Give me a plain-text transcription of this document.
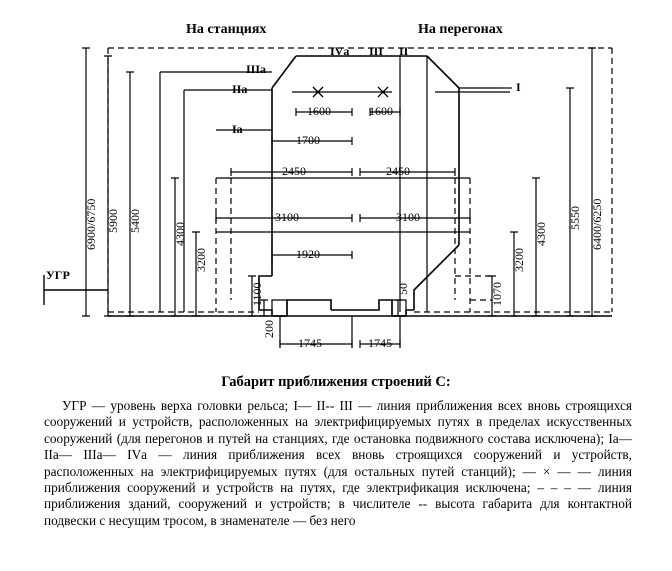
На станциях	На перегонах
IVа III II
IIIа
IIа	I
Iа
УГР
1600	1600
1700
2450	2450
3100	3100
1920
1745	1745
6900/6750 5900 5400
4300
3200
1100
200
50	1070
3200
4300
5550 6400/6250
Габарит приближения строений С:

УГР — уровень верха головки рельса; I— II-- III — линия приближения всех вновь строящихся сооружений и устройств, расположенных на электрифицируемых путях в пределах искусственных сооружений (для перегонов и путей на станциях, где остановка подвижного состава исключена); Iа— IIа— IIIа— IVа — линия приближения всех вновь строящихся сооружений и устройств, расположенных на электрифицируемых путях (для остальных путей станций); — × — — линия приближения сооружений и устройств на путях, где электрификация исключена; – – – — линия приближения зданий, сооружений и устройств; в числителе -- высота габарита для контактной подвески с несущим тросом, в знаменателе — без него
